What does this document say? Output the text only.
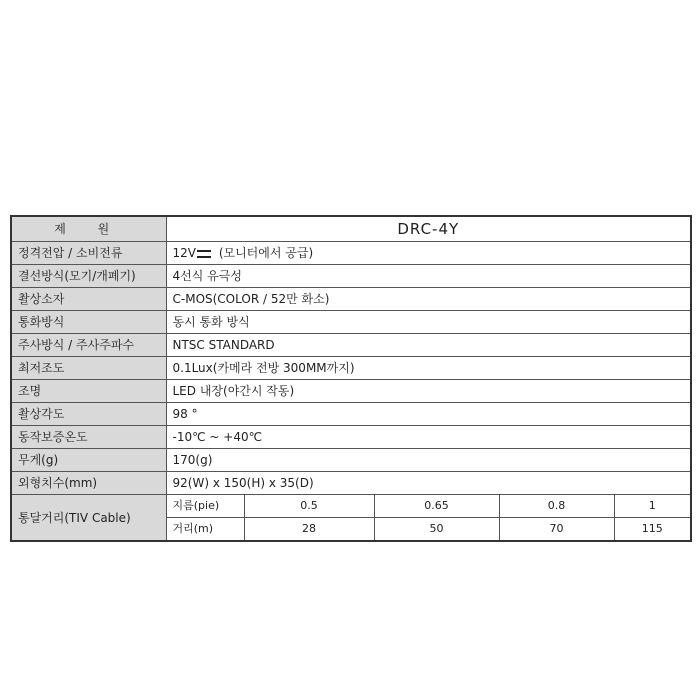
제 원	DRC-4Y				
정격전압 / 소비전류	12V (모니터에서 공급)				
결선방식(모기/개폐기)	4선식 유극성				
촬상소자	C-MOS(COLOR / 52만 화소)				
통화방식	동시 통화 방식				
주사방식 / 주사주파수	NTSC STANDARD				
최저조도	0.1Lux(카메라 전방 300MM까지)				
조명	LED 내장(야간시 작동)				
촬상각도	98 °				
동작보증온도	-10℃ ~ +40℃				
무게(g)	170(g)				
외형치수(mm)	92(W) x 150(H) x 35(D)				
통달거리(TIV Cable)	지름(pie)	0.5	0.65	0.8	1
	거리(m)	28	50	70	115
